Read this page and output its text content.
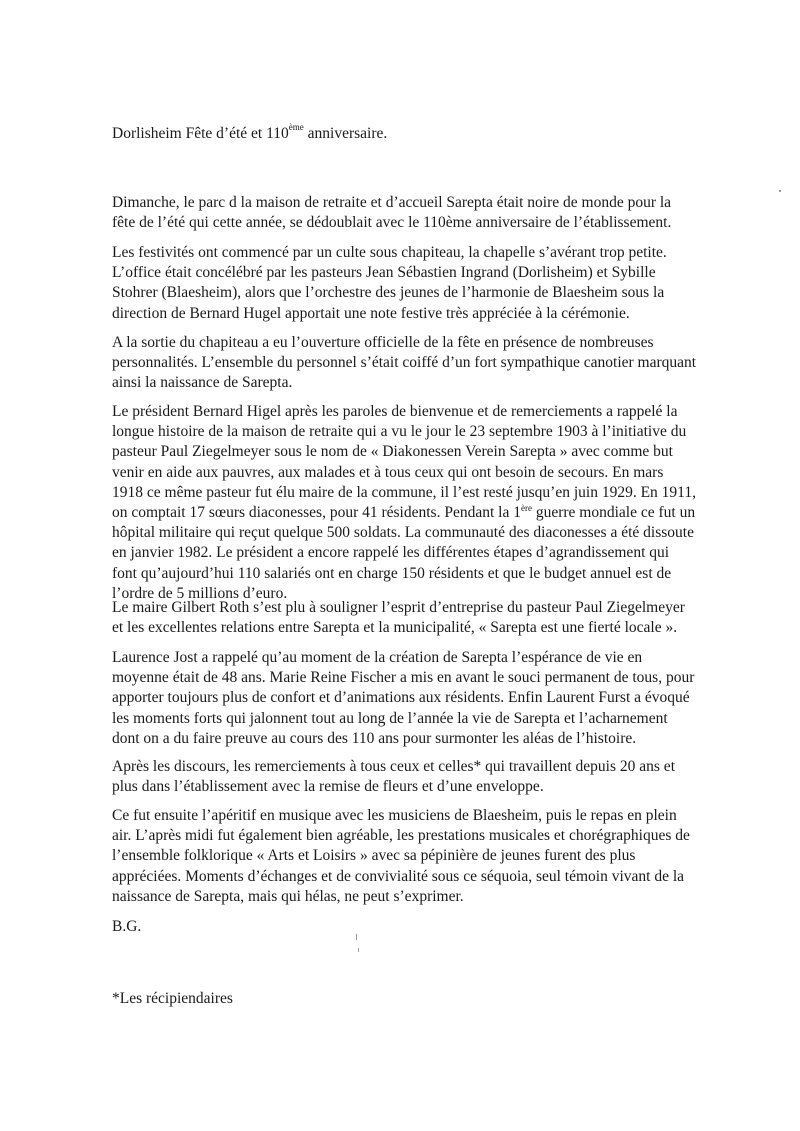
Dorlisheim Fête d’été et 110ème anniversaire.
Dimanche, le parc d la maison de retraite et d’accueil Sarepta était noire de monde pour la
fête de l’été qui cette année, se dédoublait avec le 110ème anniversaire de l’établissement.
Les festivités ont commencé par un culte sous chapiteau, la chapelle s’avérant trop petite.
L’office était concélébré par les pasteurs Jean Sébastien Ingrand (Dorlisheim) et Sybille
Stohrer (Blaesheim), alors que l’orchestre des jeunes de l’harmonie de Blaesheim sous la
direction de Bernard Hugel apportait une note festive très appréciée à la cérémonie.
A la sortie du chapiteau a eu l’ouverture officielle de la fête en présence de nombreuses
personnalités. L’ensemble du personnel s’était coiffé d’un fort sympathique canotier marquant
ainsi la naissance de Sarepta.
Le président Bernard Higel après les paroles de bienvenue et de remerciements a rappelé la
longue histoire de la maison de retraite qui a vu le jour le 23 septembre 1903 à l’initiative du
pasteur Paul Ziegelmeyer sous le nom de « Diakonessen Verein Sarepta » avec comme but
venir en aide aux pauvres, aux malades et à tous ceux qui ont besoin de secours. En mars
1918 ce même pasteur fut élu maire de la commune, il l’est resté jusqu’en juin 1929. En 1911,
on comptait 17 sœurs diaconesses, pour 41 résidents. Pendant la 1ère guerre mondiale ce fut un
hôpital militaire qui reçut quelque 500 soldats. La communauté des diaconesses a été dissoute
en janvier 1982. Le président a encore rappelé les différentes étapes d’agrandissement qui
font qu’aujourd’hui 110 salariés ont en charge 150 résidents et que le budget annuel est de
l’ordre de 5 millions d’euro.
Le maire Gilbert Roth s’est plu à souligner l’esprit d’entreprise du pasteur Paul Ziegelmeyer
et les excellentes relations entre Sarepta et la municipalité, « Sarepta est une fierté locale ».
Laurence Jost a rappelé qu’au moment de la création de Sarepta l’espérance de vie en
moyenne était de 48 ans. Marie Reine Fischer a mis en avant le souci permanent de tous, pour
apporter toujours plus de confort et d’animations aux résidents. Enfin Laurent Furst a évoqué
les moments forts qui jalonnent tout au long de l’année la vie de Sarepta et l’acharnement
dont on a du faire preuve au cours des 110 ans pour surmonter les aléas de l’histoire.
Après les discours, les remerciements à tous ceux et celles* qui travaillent depuis 20 ans et
plus dans l’établissement avec la remise de fleurs et d’une enveloppe.
Ce fut ensuite l’apéritif en musique avec les musiciens de Blaesheim, puis le repas en plein
air. L’après midi fut également bien agréable, les prestations musicales et chorégraphiques de
l’ensemble folklorique « Arts et Loisirs » avec sa pépinière de jeunes furent des plus
appréciées. Moments d’échanges et de convivialité sous ce séquoia, seul témoin vivant de la
naissance de Sarepta, mais qui hélas, ne peut s’exprimer.
B.G.
*Les récipiendaires
